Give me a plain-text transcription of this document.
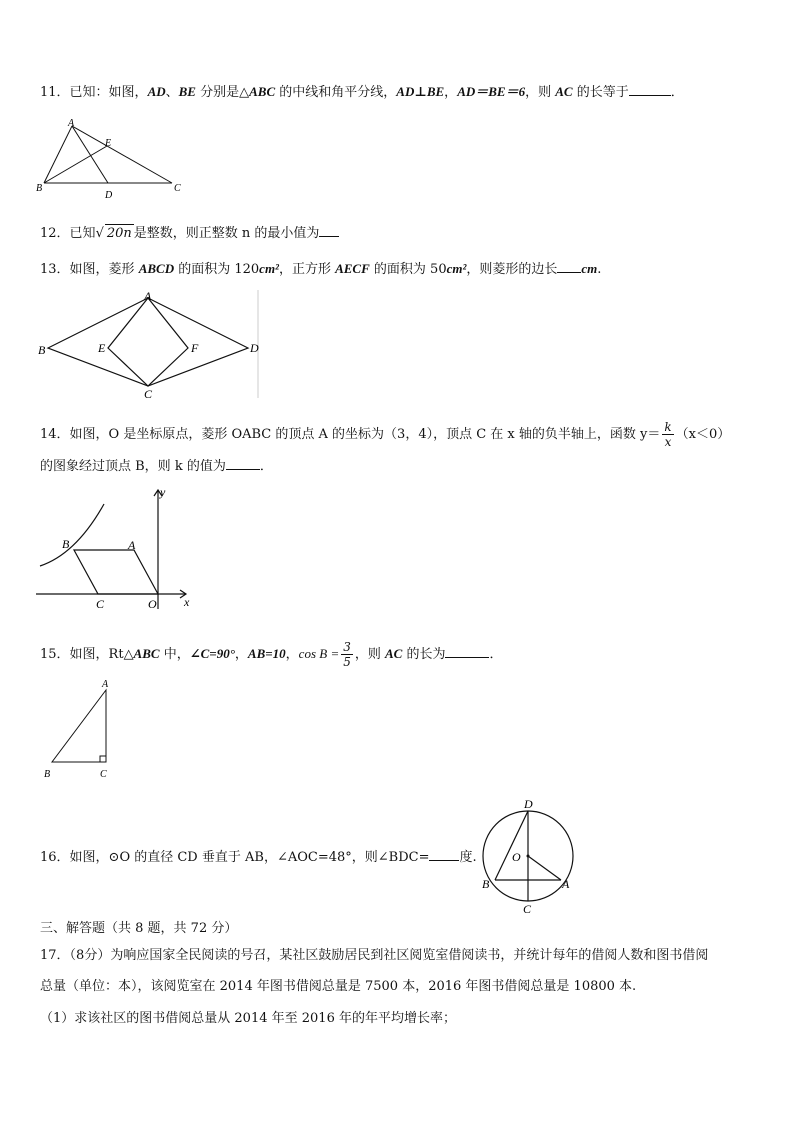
11．已知：如图，AD、BE 分别是△ABC 的中线和角平分线，AD⊥BE，AD＝BE＝6，则 AC 的长等于	．
A
B	C
D
E
12．已知√ 20n 是整数，则正整数 n 的最小值为
13．如图，菱形 ABCD 的面积为 120cm²，正方形 AECF 的面积为 50cm²，则菱形的边长 cm.
A
B
C
D
E	F
14．如图，O 是坐标原点，菱形 OABC 的顶点 A 的坐标为（3，4），顶点 C 在 x 轴的负半轴上，函数 $y= \frac{k}{x} (x<0)$
的图象经过顶点 B，则 k 的值为	．
y
x
A
B
C	O
15．如图，Rt△ABC 中，∠C=90°，AB=10，$\cos B = \frac{3}{5}$ ，则 AC 的长为	．
A
B	C
16．如图，⊙O 的直径 CD 垂直于 AB，∠AOC=48°，则∠BDC= 度.
D
O
B	A
C
三、解答题（共 8 题，共 72 分）
17．（8分）为响应国家全民阅读的号召，某社区鼓励居民到社区阅览室借阅读书，并统计每年的借阅人数和图书借阅
总量（单位：本），该阅览室在 2014 年图书借阅总量是 7500 本，2016 年图书借阅总量是 10800 本.
（1）求该社区的图书借阅总量从 2014 年至 2016 年的年平均增长率；
